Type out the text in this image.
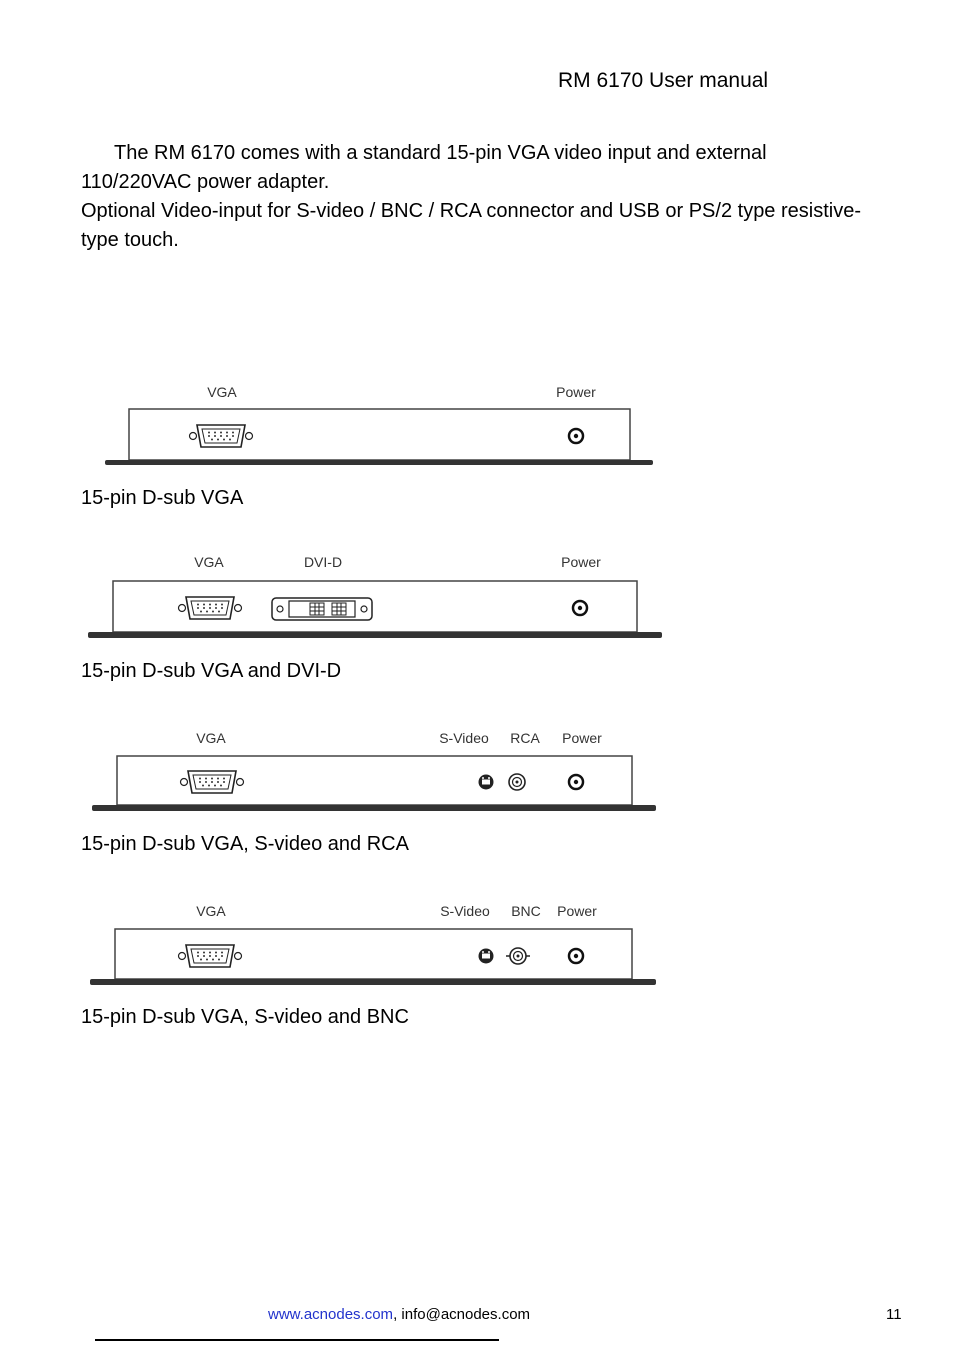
RM 6170 User manual

The RM 6170 comes with a standard 15-pin VGA video input and external 110/220VAC power adapter.

Optional Video-input for S-video / BNC / RCA connector and USB or PS/2 type resistive-type touch.

VGA	Power
VGA	DVI-D	Power
VGA	S-Video RCA Power
VGA	S-Video BNC Power
15-pin D-sub VGA
15-pin D-sub VGA and DVI-D
15-pin D-sub VGA, S-video and RCA
15-pin D-sub VGA, S-video and BNC
www.acnodes.com, info@acnodes.com	11
